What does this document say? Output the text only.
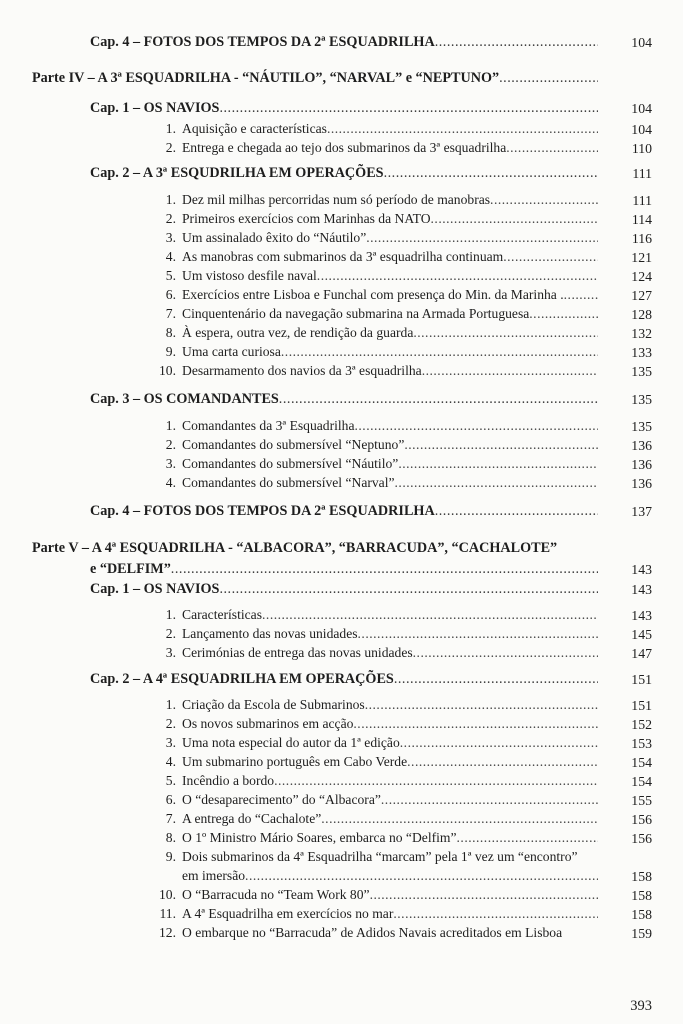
Cap. 4 – FOTOS DOS TEMPOS DA 2ª ESQUADRILHA .....	104
Parte IV – A 3ª ESQUADRILHA - “NÁUTILO”, “NARVAL” e “NEPTUNO”
.....
Cap. 1 – OS NAVIOS .....	104
1. Aquisição e características .....	104
2. Entrega e chegada ao tejo dos submarinos da 3ª esquadrilha .....	110
Cap. 2 – A 3ª ESQUDRILHA EM OPERAÇÕES .....	111
1. Dez mil milhas percorridas num só período de manobras .....	111
2. Primeiros exercícios com Marinhas da NATO .....	114
3. Um assinalado êxito do “Náutilo” .....	116
4. As manobras com submarinos da 3ª esquadrilha continuam .....	121
5. Um vistoso desfile naval .....	124
6. Exercícios entre Lisboa e Funchal com presença do Min. da Marinha . .....	127
7. Cinquentenário da navegação submarina na Armada Portuguesa .....	128
8. À espera, outra vez, de rendição da guarda .....	132
9. Uma carta curiosa .....	133
10. Desarmamento dos navios da 3ª esquadrilha .....	135
Cap. 3 – OS COMANDANTES .....	135
1. Comandantes da 3ª Esquadrilha .....	135
2. Comandantes do submersível “Neptuno” .....	136
3. Comandantes do submersível “Náutilo” .....	136
4. Comandantes do submersível “Narval” .....	136
Cap. 4 – FOTOS DOS TEMPOS DA 2ª ESQUADRILHA .....	137
Parte V – A 4ª ESQUADRILHA - “ALBACORA”, “BARRACUDA”, “CACHALOTE”
e “DELFIM” .....	143
Cap. 1 – OS NAVIOS .....	143
1. Características .....	143
2. Lançamento das novas unidades .....	145
3. Cerimónias de entrega das novas unidades .....	147
Cap. 2 – A 4ª ESQUADRILHA EM OPERAÇÕES .....	151
1. Criação da Escola de Submarinos .....	151
2. Os novos submarinos em acção .....	152
3. Uma nota especial do autor da 1ª edição .....	153
4. Um submarino português em Cabo Verde .....	154
5. Incêndio a bordo .....	154
6. O “desaparecimento” do “Albacora” .....	155
7. A entrega do “Cachalote” .....	156
8. O 1º Ministro Mário Soares, embarca no “Delfim” .....	156
9. Dois submarinos da 4ª Esquadrilha “marcam” pela 1ª vez um “encontro”
em imersão .....	158
10. O “Barracuda no “Team Work 80” .....	158
11. A 4ª Esquadrilha em exercícios no mar .....	158
12. O embarque no “Barracuda” de Adidos Navais acreditados em Lisboa	159
393
